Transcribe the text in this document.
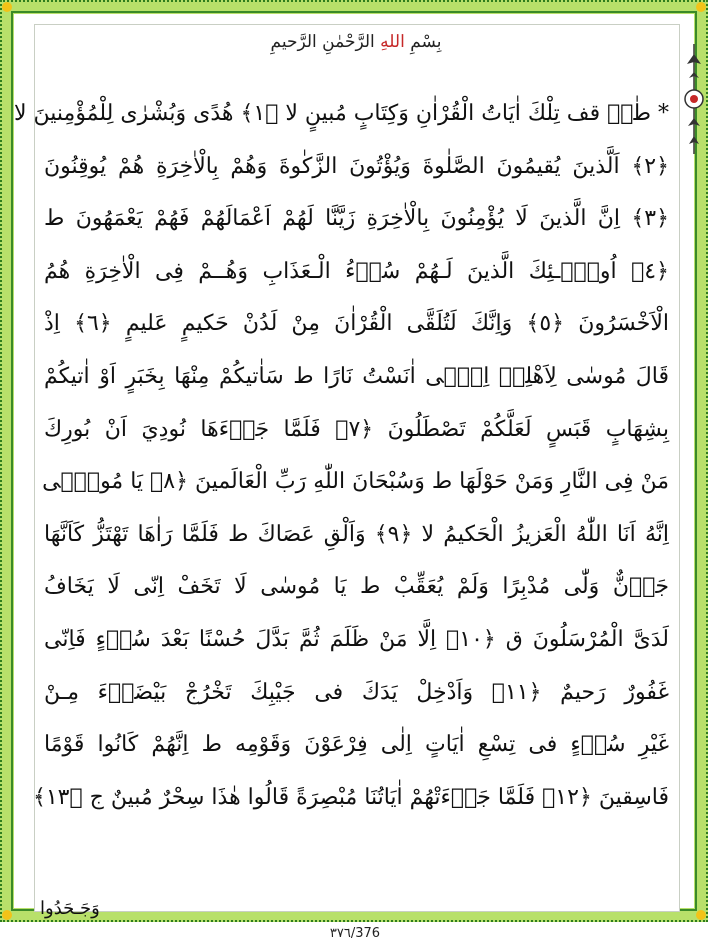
بِسْمِ اللهِ الرَّحْمٰنِ الرَّحيمِ
* طٰسۤ قف تِلْكَ اٰيَاتُ الْقُرْاٰنِ وَكِتَابٍ مُبينٍ لا ﴿١﴾ هُدًى وَبُشْرٰى لِلْمُؤْمِنينَ لا
﴿٢﴾ اَلَّذينَ يُقيمُونَ الصَّلٰوةَ وَيُؤْتُونَ الزَّكٰوةَ وَهُمْ بِالْاٰخِرَةِ هُمْ يُوقِنُونَ
﴿٣﴾ اِنَّ الَّذينَ لَا يُؤْمِنُونَ بِالْاٰخِرَةِ زَيَّنَّا لَهُمْ اَعْمَالَهُمْ فَهُمْ يَعْمَهُونَ ط
﴿٤﴾ اُولٰۤـئِكَ الَّذينَ لَـهُمْ سُوۤءُ الْـعَذَابِ وَهُــمْ فِى الْاٰخِرَةِ هُمُ
الْاَخْسَرُونَ ﴿٥﴾ وَاِنَّكَ لَتُلَقَّى الْقُرْاٰنَ مِنْ لَدُنْ حَكيمٍ عَليمٍ ﴿٦﴾ اِذْ
قَالَ مُوسٰى لِاَهْلِهۤ اِنّۤى اٰنَسْتُ نَارًا ط سَاٰتيكُمْ مِنْهَا بِخَبَرٍ اَوْ اٰتيكُمْ
بِشِهَابٍ قَبَسٍ لَعَلَّكُمْ تَصْطَلُونَ ﴿٧﴾ فَلَمَّا جَاۤءَهَا نُودِيَ اَنْ بُورِكَ
مَنْ فِى النَّارِ وَمَنْ حَوْلَهَا ط وَسُبْحَانَ اللّٰهِ رَبِّ الْعَالَمينَ ﴿٨﴾ يَا مُوسٰۤى
اِنَّهُ اَنَا اللّٰهُ الْعَزيزُ الْحَكيمُ لا ﴿٩﴾ وَاَلْقِ عَصَاكَ ط فَلَمَّا رَاٰهَا تَهْتَزُّ كَاَنَّهَا
جَاۤنٌّ وَلّٰى مُدْبِرًا وَلَمْ يُعَقِّبْ ط يَا مُوسٰى لَا تَخَفْ اِنّى لَا يَخَافُ
لَدَىَّ الْمُرْسَلُونَ ق ﴿١٠﴾ اِلَّا مَنْ ظَلَمَ ثُمَّ بَدَّلَ حُسْنًا بَعْدَ سُوۤءٍ فَاِنّى
غَفُورٌ رَحيمٌ ﴿١١﴾ وَاَدْخِلْ يَدَكَ فى جَيْبِكَ تَخْرُجْ بَيْضَاۤءَ مِـنْ
غَيْرِ سُوۤءٍ فى تِسْعِ اٰيَاتٍ اِلٰى فِرْعَوْنَ وَقَوْمِه ط اِنَّهُمْ كَانُوا قَوْمًا
فَاسِقينَ ﴿١٢﴾ فَلَمَّا جَاۤءَتْهُمْ اٰيَاتُنَا مُبْصِرَةً قَالُوا هٰذَا سِحْرٌ مُبينٌ ج ﴿١٣﴾
وَجَـحَدُوا
٣٧٦/376
